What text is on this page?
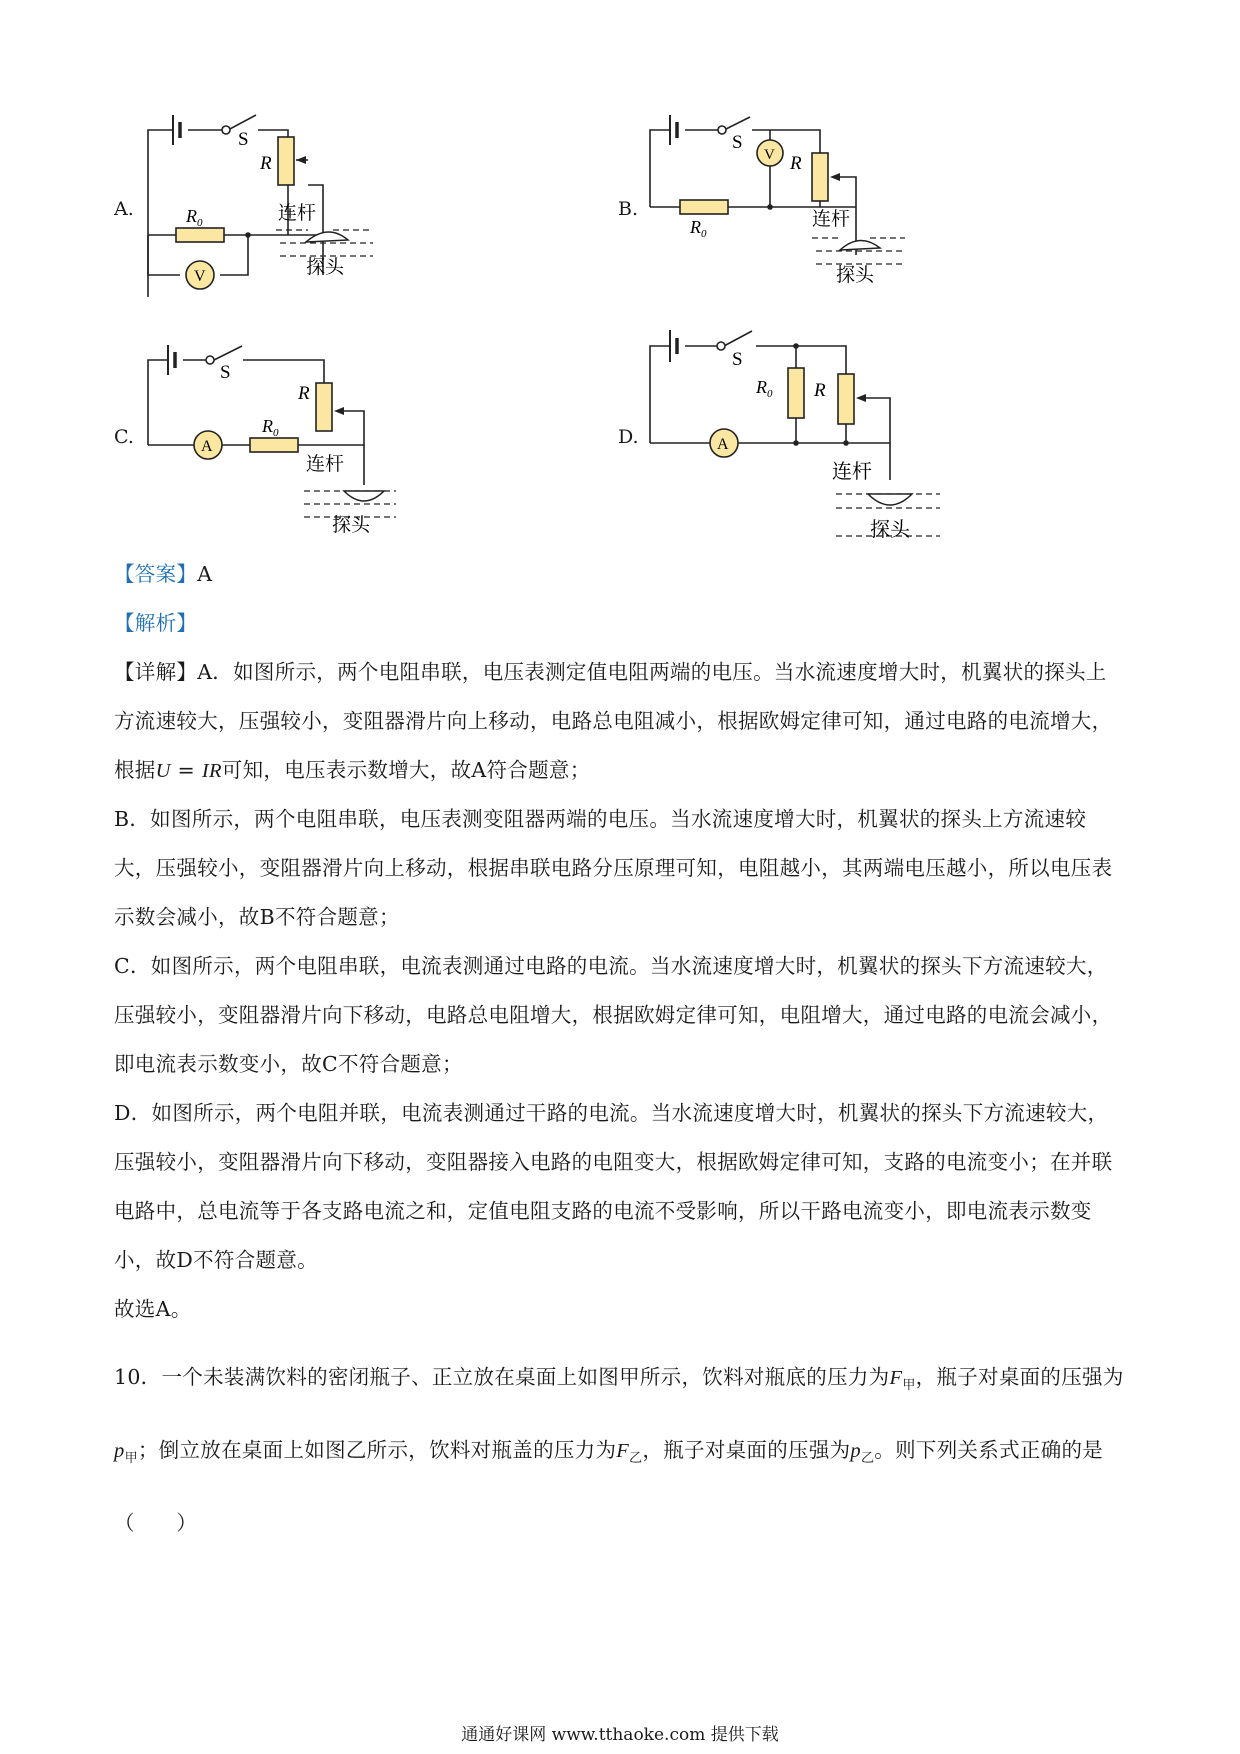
A.
S
R
$R_0$
V
连杆
探头
B.
S
V R
$R_0$
连杆
探头
C.
S
R
A
$R_0$
连杆
探头
D.
S
$R_0$ R
A
连杆
探头

【答案】A

【解析】

【详解】A．如图所示，两个电阻串联，电压表测定值电阻两端的电压。当水流速度增大时，机翼状的探头上方流速较大，压强较小，变阻器滑片向上移动，电路总电阻减小，根据欧姆定律可知，通过电路的电流增大，根据U = IR可知，电压表示数增大，故A符合题意；

B．如图所示，两个电阻串联，电压表测变阻器两端的电压。当水流速度增大时，机翼状的探头上方流速较大，压强较小，变阻器滑片向上移动，根据串联电路分压原理可知，电阻越小，其两端电压越小，所以电压表示数会减小，故B不符合题意；

C．如图所示，两个电阻串联，电流表测通过电路的电流。当水流速度增大时，机翼状的探头下方流速较大，压强较小，变阻器滑片向下移动，电路总电阻增大，根据欧姆定律可知，电阻增大，通过电路的电流会减小，即电流表示数变小，故C不符合题意；

D．如图所示，两个电阻并联，电流表测通过干路的电流。当水流速度增大时，机翼状的探头下方流速较大，压强较小，变阻器滑片向下移动，变阻器接入电路的电阻变大，根据欧姆定律可知，支路的电流变小；在并联电路中，总电流等于各支路电流之和，定值电阻支路的电流不受影响，所以干路电流变小，即电流表示数变小，故D不符合题意。

故选A。

10．一个未装满饮料的密闭瓶子、正立放在桌面上如图甲所示，饮料对瓶底的压力为$F_甲$，瓶子对桌面的压强为$p_甲$；倒立放在桌面上如图乙所示，饮料对瓶盖的压力为$F_乙$，瓶子对桌面的压强为$p_乙$。则下列关系式正确的是（　　）

通通好课网 www.tthaoke.com 提供下载
